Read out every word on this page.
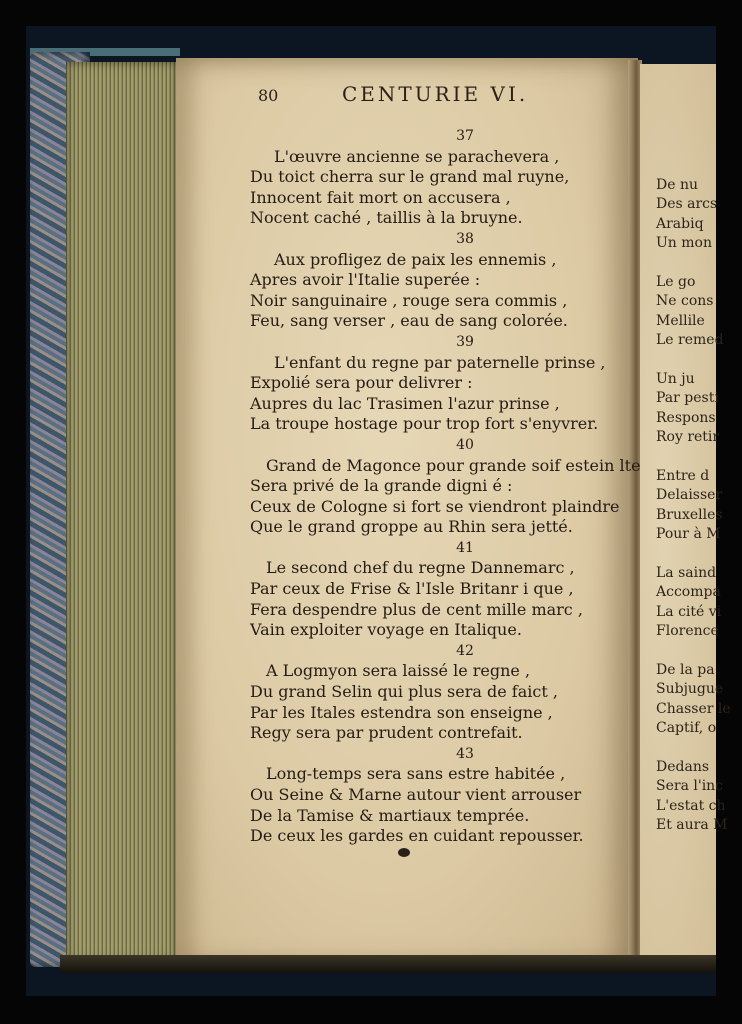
80	CENTURIE VI.
37
L'œuvre ancienne se parachevera ,
Du toict cherra sur le grand mal ruyne,
Innocent fait mort on accusera ,
Nocent caché , taillis à la bruyne.
38
Aux profligez de paix les ennemis ,
Apres avoir l'Italie superée :
Noir sanguinaire , rouge sera commis ,
Feu, sang verser , eau de sang colorée.
39
L'enfant du regne par paternelle prinse ,
Expolié sera pour delivrer :
Aupres du lac Trasimen l'azur prinse ,
La troupe hostage pour trop fort s'enyvrer.
40
Grand de Magonce pour grande soif estein lte
Sera privé de la grande digni é :
Ceux de Cologne si fort se viendront plaindre
Que le grand groppe au Rhin sera jetté.
41
Le second chef du regne Dannemarc ,
Par ceux de Frise & l'Isle Britanr i que ,
Fera despendre plus de cent mille marc ,
Vain exploiter voyage en Italique.
42
A Logmyon sera laissé le regne ,
Du grand Selin qui plus sera de faict ,
Par les Itales estendra son enseigne ,
Regy sera par prudent contrefait.
43
Long-temps sera sans estre habitée ,
Ou Seine & Marne autour vient arrouser
De la Tamise & martiaux temprée.
De ceux les gardes en cuidant repousser.
De nu
Des arcs
Arabiq
Un mon
Le go
Ne cons
Mellile
Le remed
Un ju
Par pesti
Respons
Roy retir
Entre d
Delaisser
Bruxelles
Pour à M
La saind
Accompa
La cité vi
Florence
De la pa
Subjugue
Chasser le
Captif, o
Dedans
Sera l'inc
L'estat ch
Et aura M
